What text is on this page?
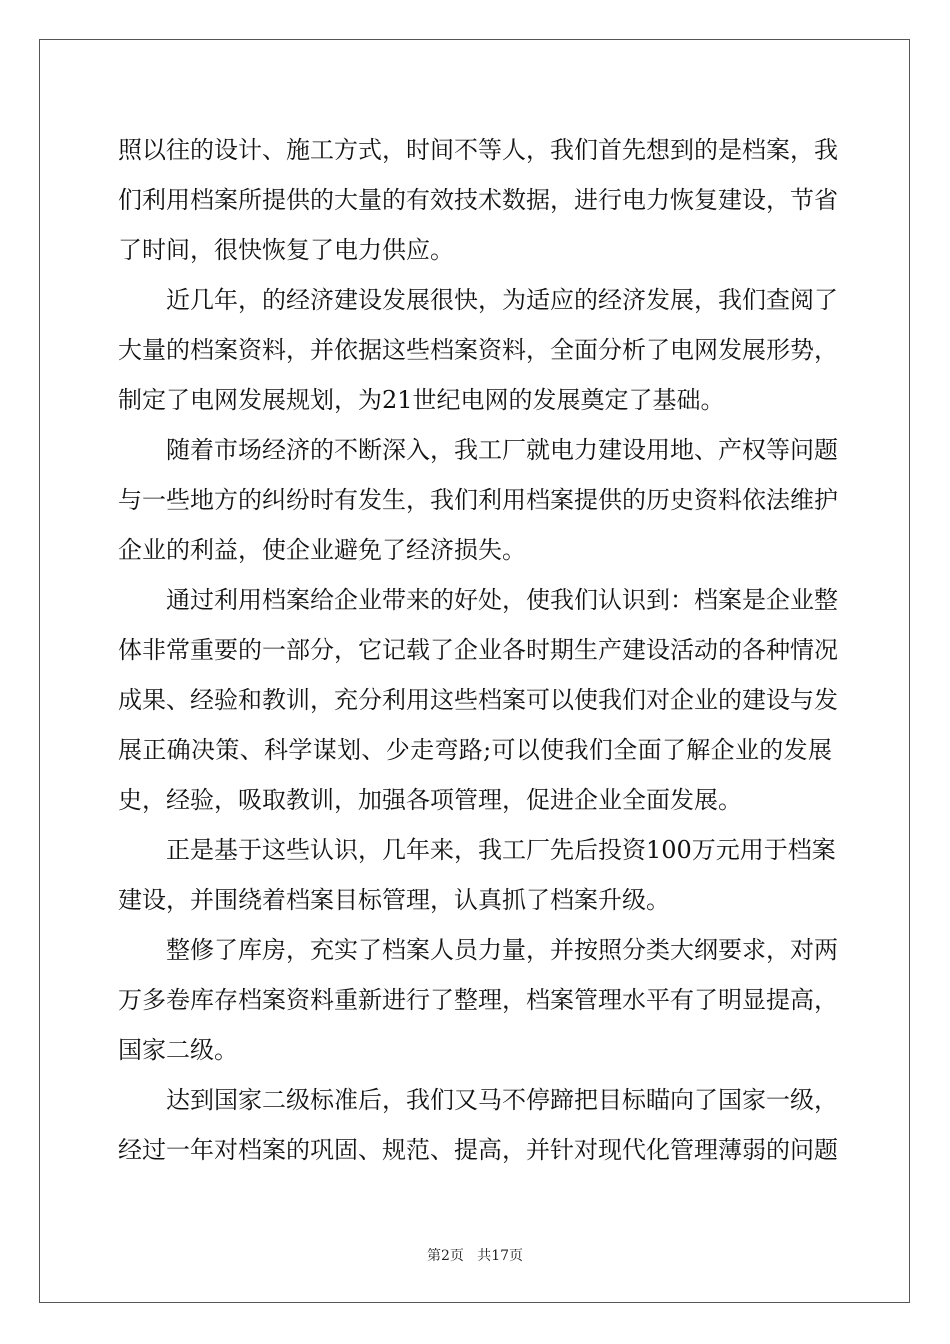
照以往的设计、施工方式，时间不等人，我们首先想到的是档案，我

们利用档案所提供的大量的有效技术数据，进行电力恢复建设，节省

了时间，很快恢复了电力供应。

近几年，的经济建设发展很快，为适应的经济发展，我们查阅了

大量的档案资料，并依据这些档案资料，全面分析了电网发展形势，

制定了电网发展规划，为21世纪电网的发展奠定了基础。

随着市场经济的不断深入，我工厂就电力建设用地、产权等问题

与一些地方的纠纷时有发生，我们利用档案提供的历史资料依法维护

企业的利益，使企业避免了经济损失。

通过利用档案给企业带来的好处，使我们认识到：档案是企业整

体非常重要的一部分，它记载了企业各时期生产建设活动的各种情况

成果、经验和教训，充分利用这些档案可以使我们对企业的建设与发

展正确决策、科学谋划、少走弯路;可以使我们全面了解企业的发展

史，经验，吸取教训，加强各项管理，促进企业全面发展。

正是基于这些认识，几年来，我工厂先后投资100万元用于档案

建设，并围绕着档案目标管理，认真抓了档案升级。

整修了库房，充实了档案人员力量，并按照分类大纲要求，对两

万多卷库存档案资料重新进行了整理，档案管理水平有了明显提高，

国家二级。

达到国家二级标准后，我们又马不停蹄把目标瞄向了国家一级，

经过一年对档案的巩固、规范、提高，并针对现代化管理薄弱的问题

第2页   共17页
